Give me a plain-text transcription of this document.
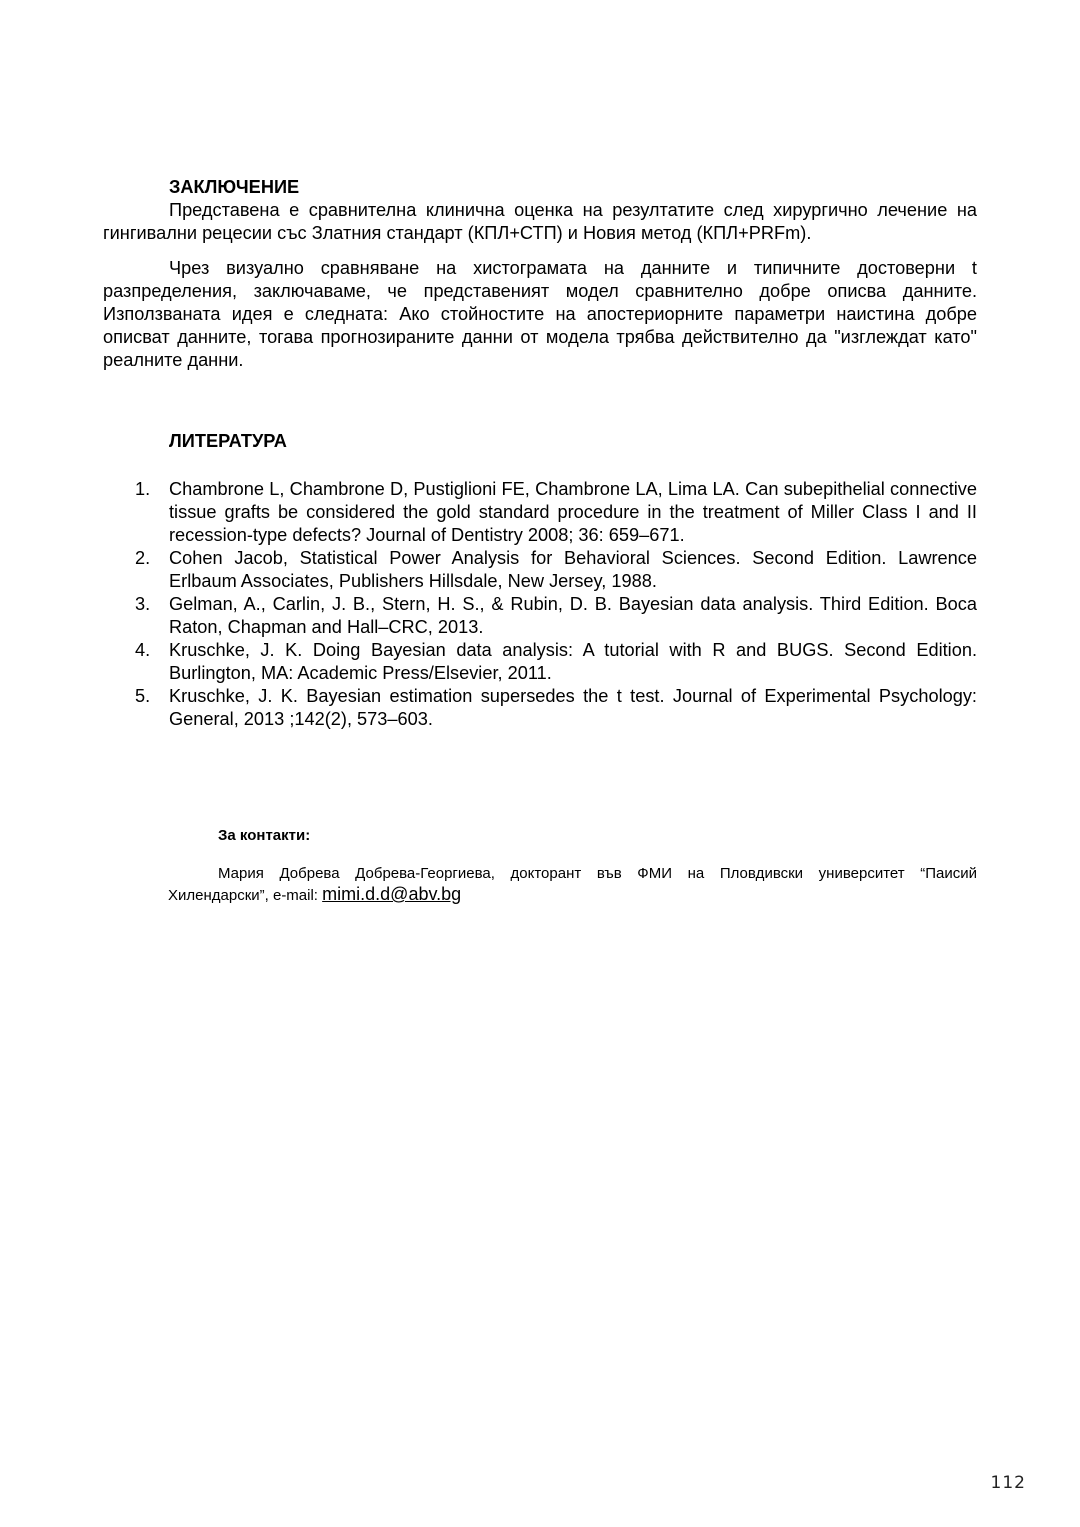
ЗАКЛЮЧЕНИЕ

Представена е сравнителна клинична оценка на резултатите след хирургично лечение на гингивални рецесии със Златния стандарт (КПЛ+СТП) и Новия метод (КПЛ+PRFm).

Чрез визуално сравняване на хистограмата на данните и типичните достоверни t разпределения, заключаваме, че представеният модел сравнително добре описва данните. Използваната идея е следната: Ако стойностите на апостериорните параметри наистина добре описват данните, тогава прогнозираните данни от модела трябва действително да "изглеждат като" реалните данни.

ЛИТЕРАТУРА

1. Chambrone L, Chambrone D, Pustiglioni FE, Chambrone LA, Lima LA. Can subepithelial connective tissue grafts be considered the gold standard procedure in the treatment of Miller Class I and II recession-type defects? Journal of Dentistry 2008; 36: 659–671.
2. Cohen Jacob, Statistical Power Analysis for Behavioral Sciences. Second Edition. Lawrence Erlbaum Associates, Publishers Hillsdale, New Jersey, 1988.
3. Gelman, A., Carlin, J. B., Stern, H. S., & Rubin, D. B. Bayesian data analysis. Third Edition. Boca Raton, Chapman and Hall–CRC, 2013.
4. Kruschke, J. K. Doing Bayesian data analysis: A tutorial with R and BUGS. Second Edition. Burlington, MA: Academic Press/Elsevier, 2011.
5. Kruschke, J. K. Bayesian estimation supersedes the t test. Journal of Experimental Psychology: General, 2013 ;142(2), 573–603.

За контакти:

Мария Добрева Добрева-Георгиева, докторант във ФМИ на Пловдивски университет “Паисий Хилендарски”, e-mail: mimi.d.d@abv.bg

112
